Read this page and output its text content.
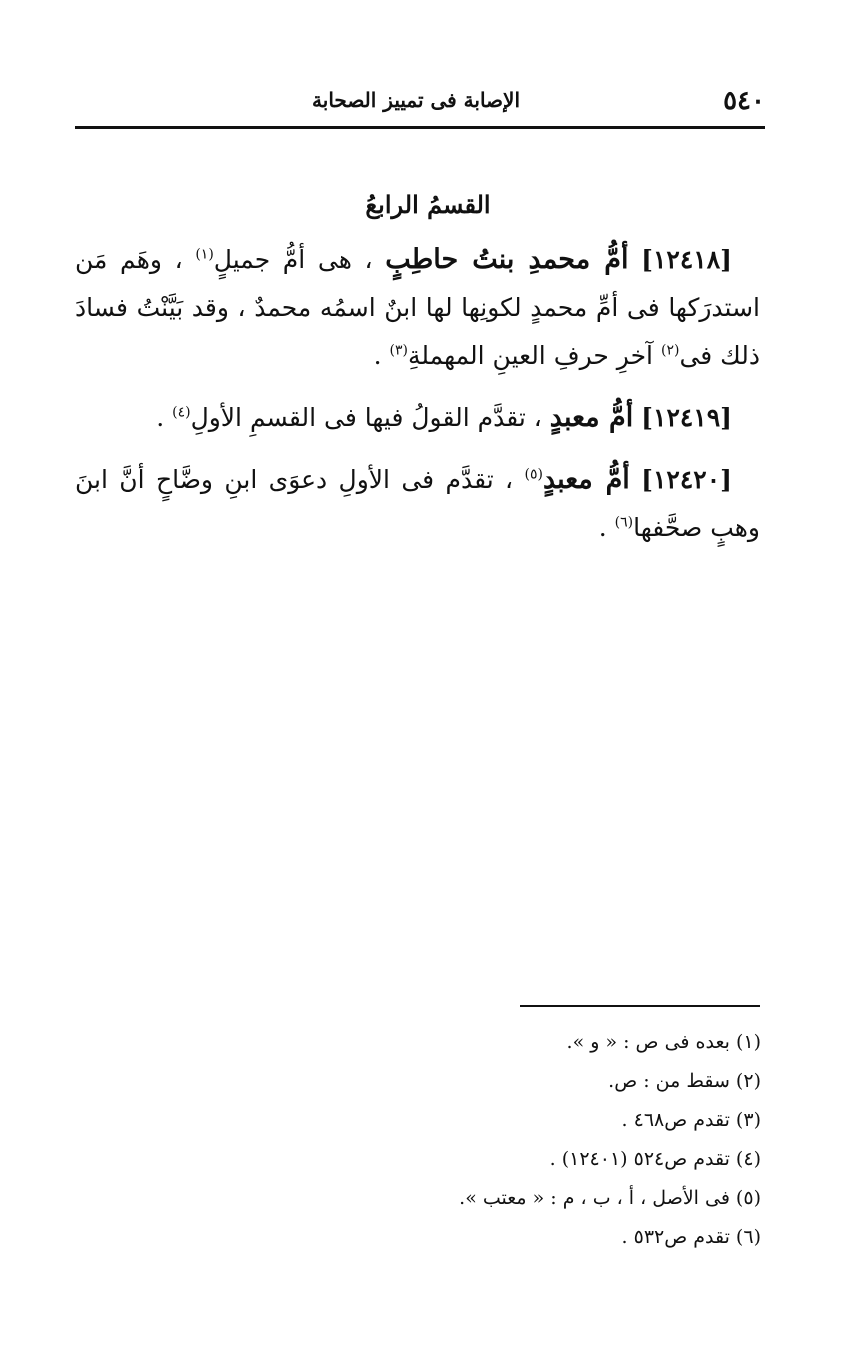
٥٤٠
الإصابة فى تمييز الصحابة
القسمُ الرابعُ

[١٢٤١٨] أمُّ محمدِ بنتُ حاطِبٍ ، هى أمُّ جميلٍ$^{(١)}$ ، وهَم مَن استدرَكها فى أمِّ محمدٍ لكونِها لها ابنٌ اسمُه محمدٌ ، وقد بَيَّنْتُ فسادَ ذلك فى$^{(٢)}$ آخرِ حرفِ العينِ المهملةِ$^{(٣)}$ .

[١٢٤١٩] أمُّ معبدٍ ، تقدَّم القولُ فيها فى القسمِ الأولِ$^{(٤)}$ .

[١٢٤٢٠] أمُّ معبدٍ$^{(٥)}$ ، تقدَّم فى الأولِ دعوَى ابنِ وضَّاحٍ أنَّ ابنَ وهبٍ صحَّفها$^{(٦)}$ .

(١) بعده فى ص : « و ».

(٢) سقط من : ص.

(٣) تقدم ص٤٦٨ .

(٤) تقدم ص٥٢٤ (١٢٤٠١) .

(٥) فى الأصل ، أ ، ب ، م : « معتب ».

(٦) تقدم ص٥٣٢ .
